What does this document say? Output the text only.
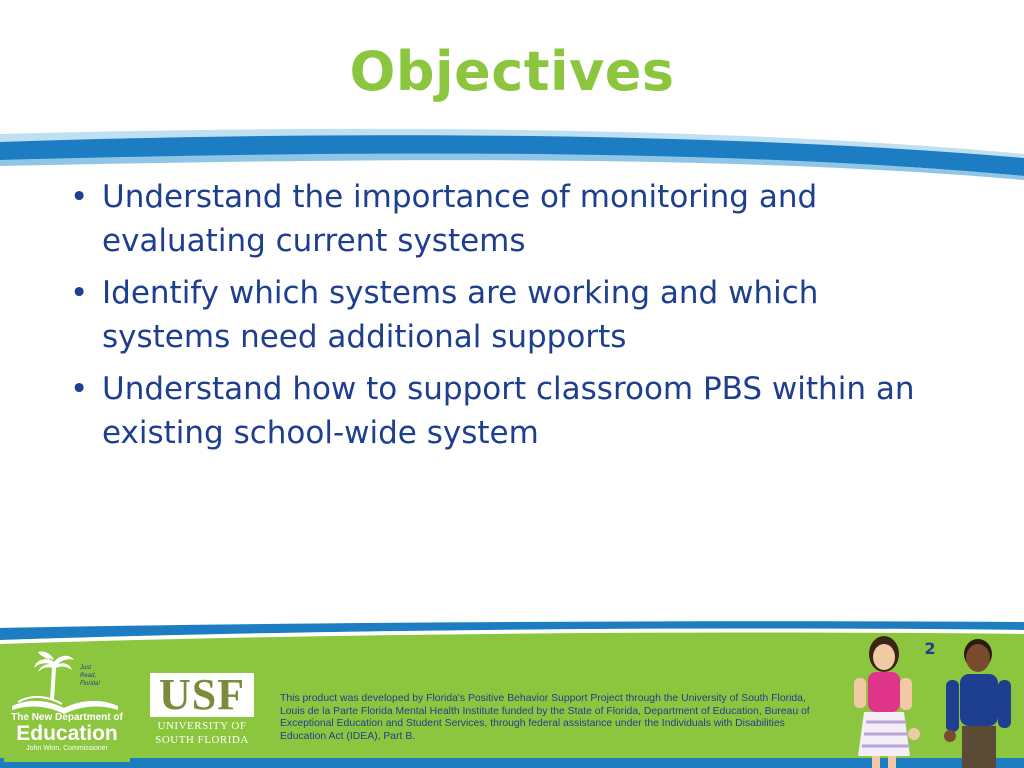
Objectives
• Understand the importance of monitoring and evaluating current systems
• Identify which systems are working and which systems need additional supports
• Understand how to support classroom PBS within an existing school-wide system
2
Just
Read,
Florida!
The New Department of
Education
John Winn, Commissioner
USF
UNIVERSITY OF
SOUTH FLORIDA
This product was developed by Florida's Positive Behavior Support Project through the University of South Florida, Louis de la Parte Florida Mental Health Institute funded by the State of Florida, Department of Education, Bureau of Exceptional Education and Student Services, through federal assistance under the Individuals with Disabilities Education Act (IDEA), Part B.
